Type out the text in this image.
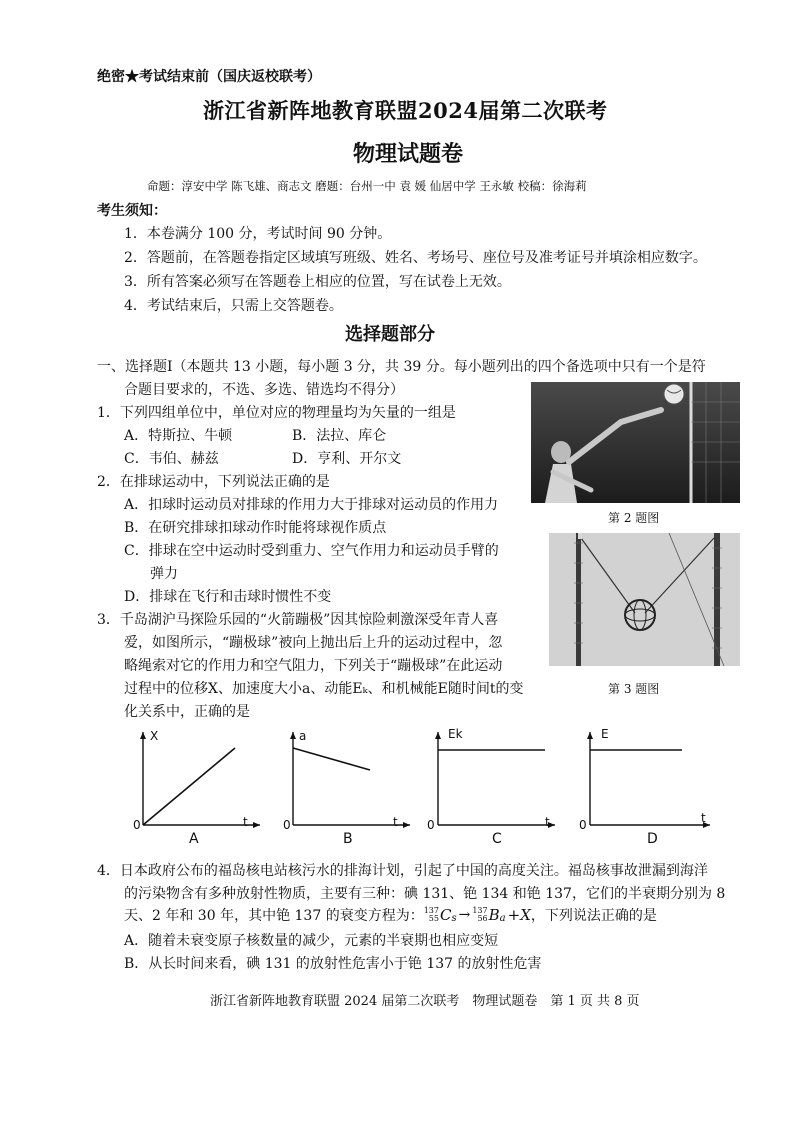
绝密★考试结束前（国庆返校联考）
浙江省新阵地教育联盟2024届第二次联考
物理试题卷
命题：淳安中学 陈飞雄、商志文 磨题：台州一中 袁 媛 仙居中学 王永敏 校稿：徐海莉
考生须知：
1．本卷满分 100 分，考试时间 90 分钟。
2．答题前，在答题卷指定区域填写班级、姓名、考场号、座位号及准考证号并填涂相应数字。
3．所有答案必须写在答题卷上相应的位置，写在试卷上无效。
4．考试结束后，只需上交答题卷。
选择题部分
一、选择题Ⅰ（本题共 13 小题，每小题 3 分，共 39 分。每小题列出的四个备选项中只有一个是符
合题目要求的，不选、多选、错选均不得分）
1．下列四组单位中，单位对应的物理量均为矢量的一组是
A．特斯拉、牛顿	B．法拉、库仑
C．韦伯、赫兹	D．亨利、开尔文
第 2 题图
2．在排球运动中，下列说法正确的是
A．扣球时运动员对排球的作用力大于排球对运动员的作用力
B．在研究排球扣球动作时能将球视作质点
C．排球在空中运动时受到重力、空气作用力和运动员手臂的
弹力
D．排球在飞行和击球时惯性不变
第 3 题图
3．千岛湖沪马探险乐园的“火箭蹦极”因其惊险刺激深受年青人喜
爱，如图所示，“蹦极球”被向上抛出后上升的运动过程中，忽
略绳索对它的作用力和空气阻力，下列关于“蹦极球”在此运动
过程中的位移X、加速度大小a、动能Eₖ、和机械能E随时间t的变
化关系中，正确的是
X
t
0
A
a
t
0
B
Ek
t
0
C
E
t
0
D
4．日本政府公布的福岛核电站核污水的排海计划，引起了中国的高度关注。福岛核事故泄漏到海洋
的污染物含有多种放射性物质，主要有三种：碘 131、铯 134 和铯 137，它们的半衰期分别为 8
天、2 年和 30 年，其中铯 137 的衰变方程为： 137
55 C s → 137
56 B a +X ，下列说法正确的是
A．随着未衰变原子核数量的减少，元素的半衰期也相应变短
B．从长时间来看，碘 131 的放射性危害小于铯 137 的放射性危害
浙江省新阵地教育联盟 2024 届第二次联考　物理试题卷　第 1 页 共 8 页
